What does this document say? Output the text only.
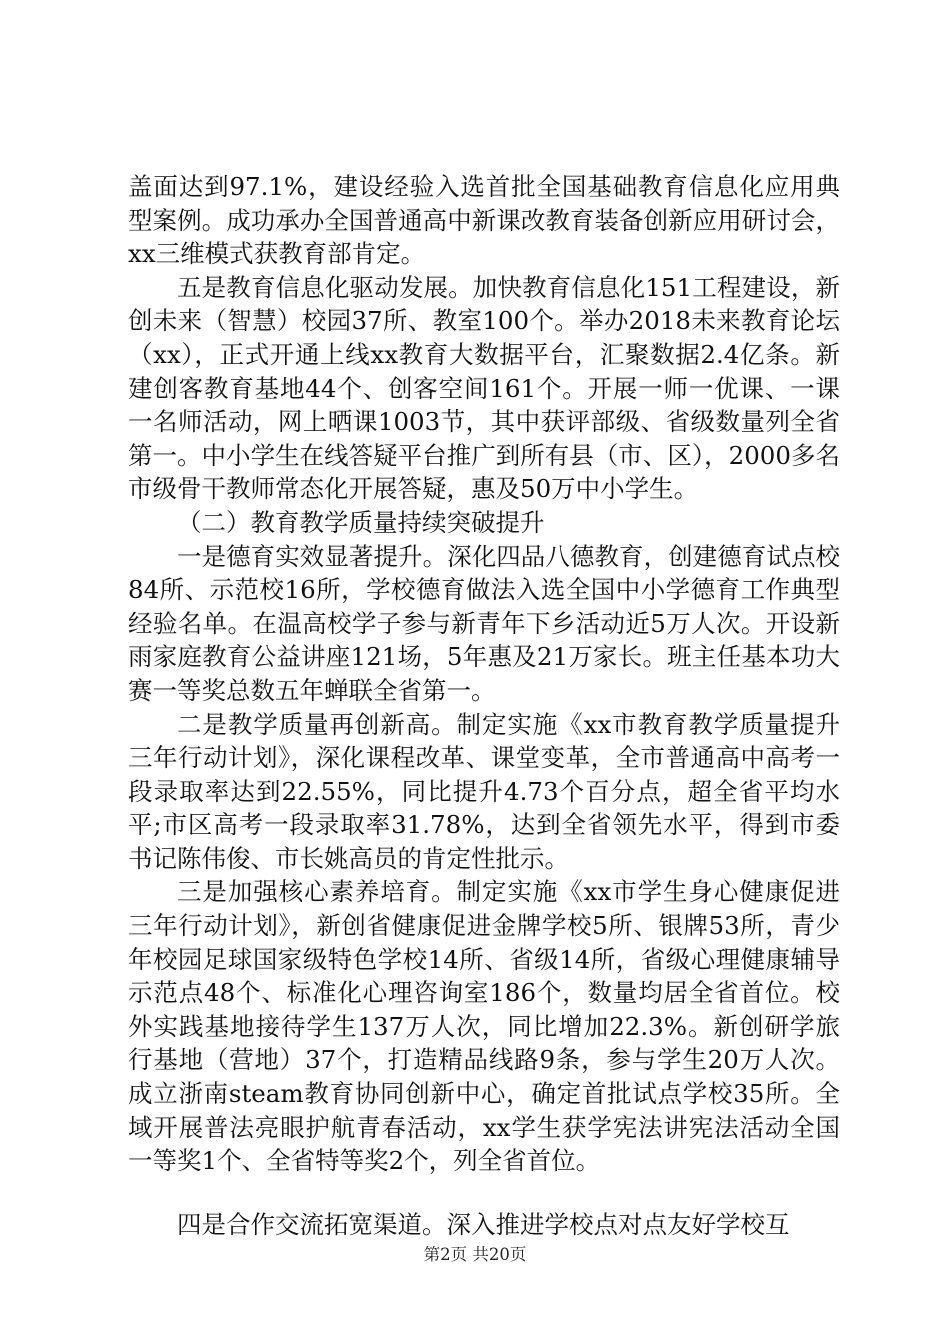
盖面达到97.1%，建设经验入选首批全国基础教育信息化应用典型案例。成功承办全国普通高中新课改教育装备创新应用研讨会，xx三维模式获教育部肯定。

五是教育信息化驱动发展。加快教育信息化151工程建设，新创未来（智慧）校园37所、教室100个。举办2018未来教育论坛（xx），正式开通上线xx教育大数据平台，汇聚数据2.4亿条。新建创客教育基地44个、创客空间161个。开展一师一优课、一课一名师活动，网上晒课1003节，其中获评部级、省级数量列全省第一。中小学生在线答疑平台推广到所有县（市、区），2000多名市级骨干教师常态化开展答疑，惠及50万中小学生。

（二）教育教学质量持续突破提升

一是德育实效显著提升。深化四品八德教育，创建德育试点校84所、示范校16所，学校德育做法入选全国中小学德育工作典型经验名单。在温高校学子参与新青年下乡活动近5万人次。开设新雨家庭教育公益讲座121场，5年惠及21万家长。班主任基本功大赛一等奖总数五年蝉联全省第一。

二是教学质量再创新高。制定实施《xx市教育教学质量提升三年行动计划》，深化课程改革、课堂变革，全市普通高中高考一段录取率达到22.55%，同比提升4.73个百分点，超全省平均水平;市区高考一段录取率31.78%，达到全省领先水平，得到市委书记陈伟俊、市长姚高员的肯定性批示。

三是加强核心素养培育。制定实施《xx市学生身心健康促进三年行动计划》，新创省健康促进金牌学校5所、银牌53所，青少年校园足球国家级特色学校14所、省级14所，省级心理健康辅导示范点48个、标准化心理咨询室186个，数量均居全省首位。校外实践基地接待学生137万人次，同比增加22.3%。新创研学旅行基地（营地）37个，打造精品线路9条，参与学生20万人次。成立浙南steam教育协同创新中心，确定首批试点学校35所。全域开展普法亮眼护航青春活动，xx学生获学宪法讲宪法活动全国一等奖1个、全省特等奖2个，列全省首位。

四是合作交流拓宽渠道。深入推进学校点对点友好学校互

第2页 共20页
